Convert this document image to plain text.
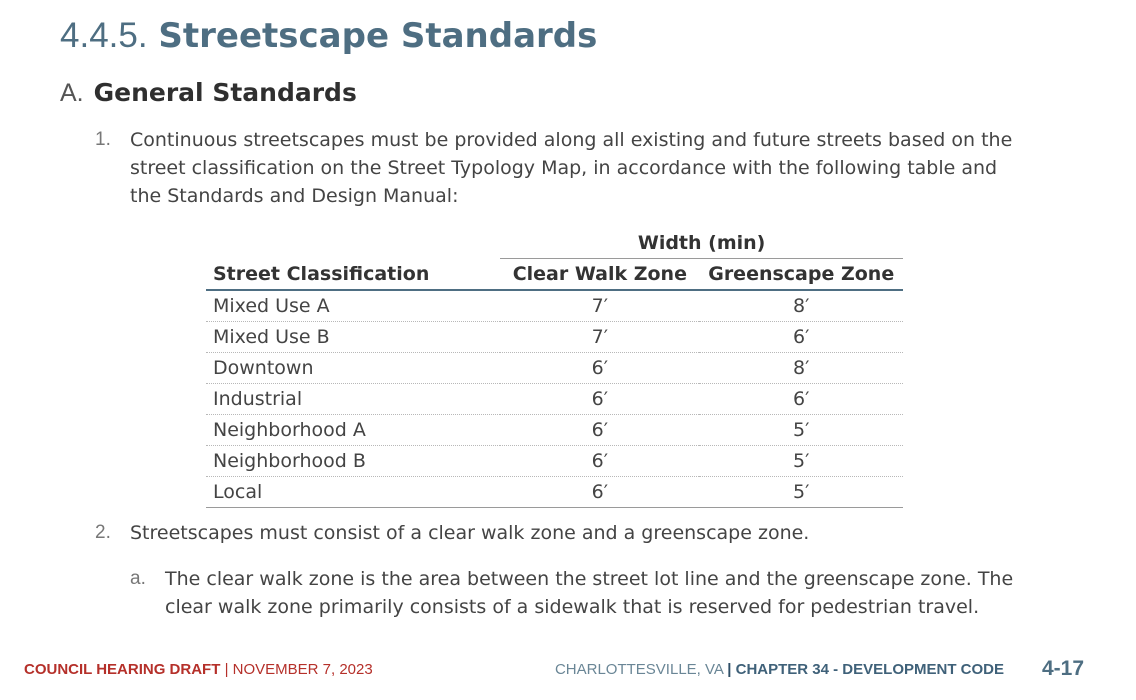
4.4.5. Streetscape Standards
A. General Standards
1. Continuous streetscapes must be provided along all existing and future streets based on the street classification on the Street Typology Map, in accordance with the following table and the Standards and Design Manual:
	Width (min)	
Street Classification	Clear Walk Zone	Greenscape Zone
Mixed Use A	7′	8′
Mixed Use B	7′	6′
Downtown	6′	8′
Industrial	6′	6′
Neighborhood A	6′	5′
Neighborhood B	6′	5′
Local	6′	5′
2. Streetscapes must consist of a clear walk zone and a greenscape zone.
a. The clear walk zone is the area between the street lot line and the greenscape zone. The clear walk zone primarily consists of a sidewalk that is reserved for pedestrian travel.
COUNCIL HEARING DRAFT | NOVEMBER 7, 2023	CHARLOTTESVILLE, VA | CHAPTER 34 - DEVELOPMENT CODE 4-17
